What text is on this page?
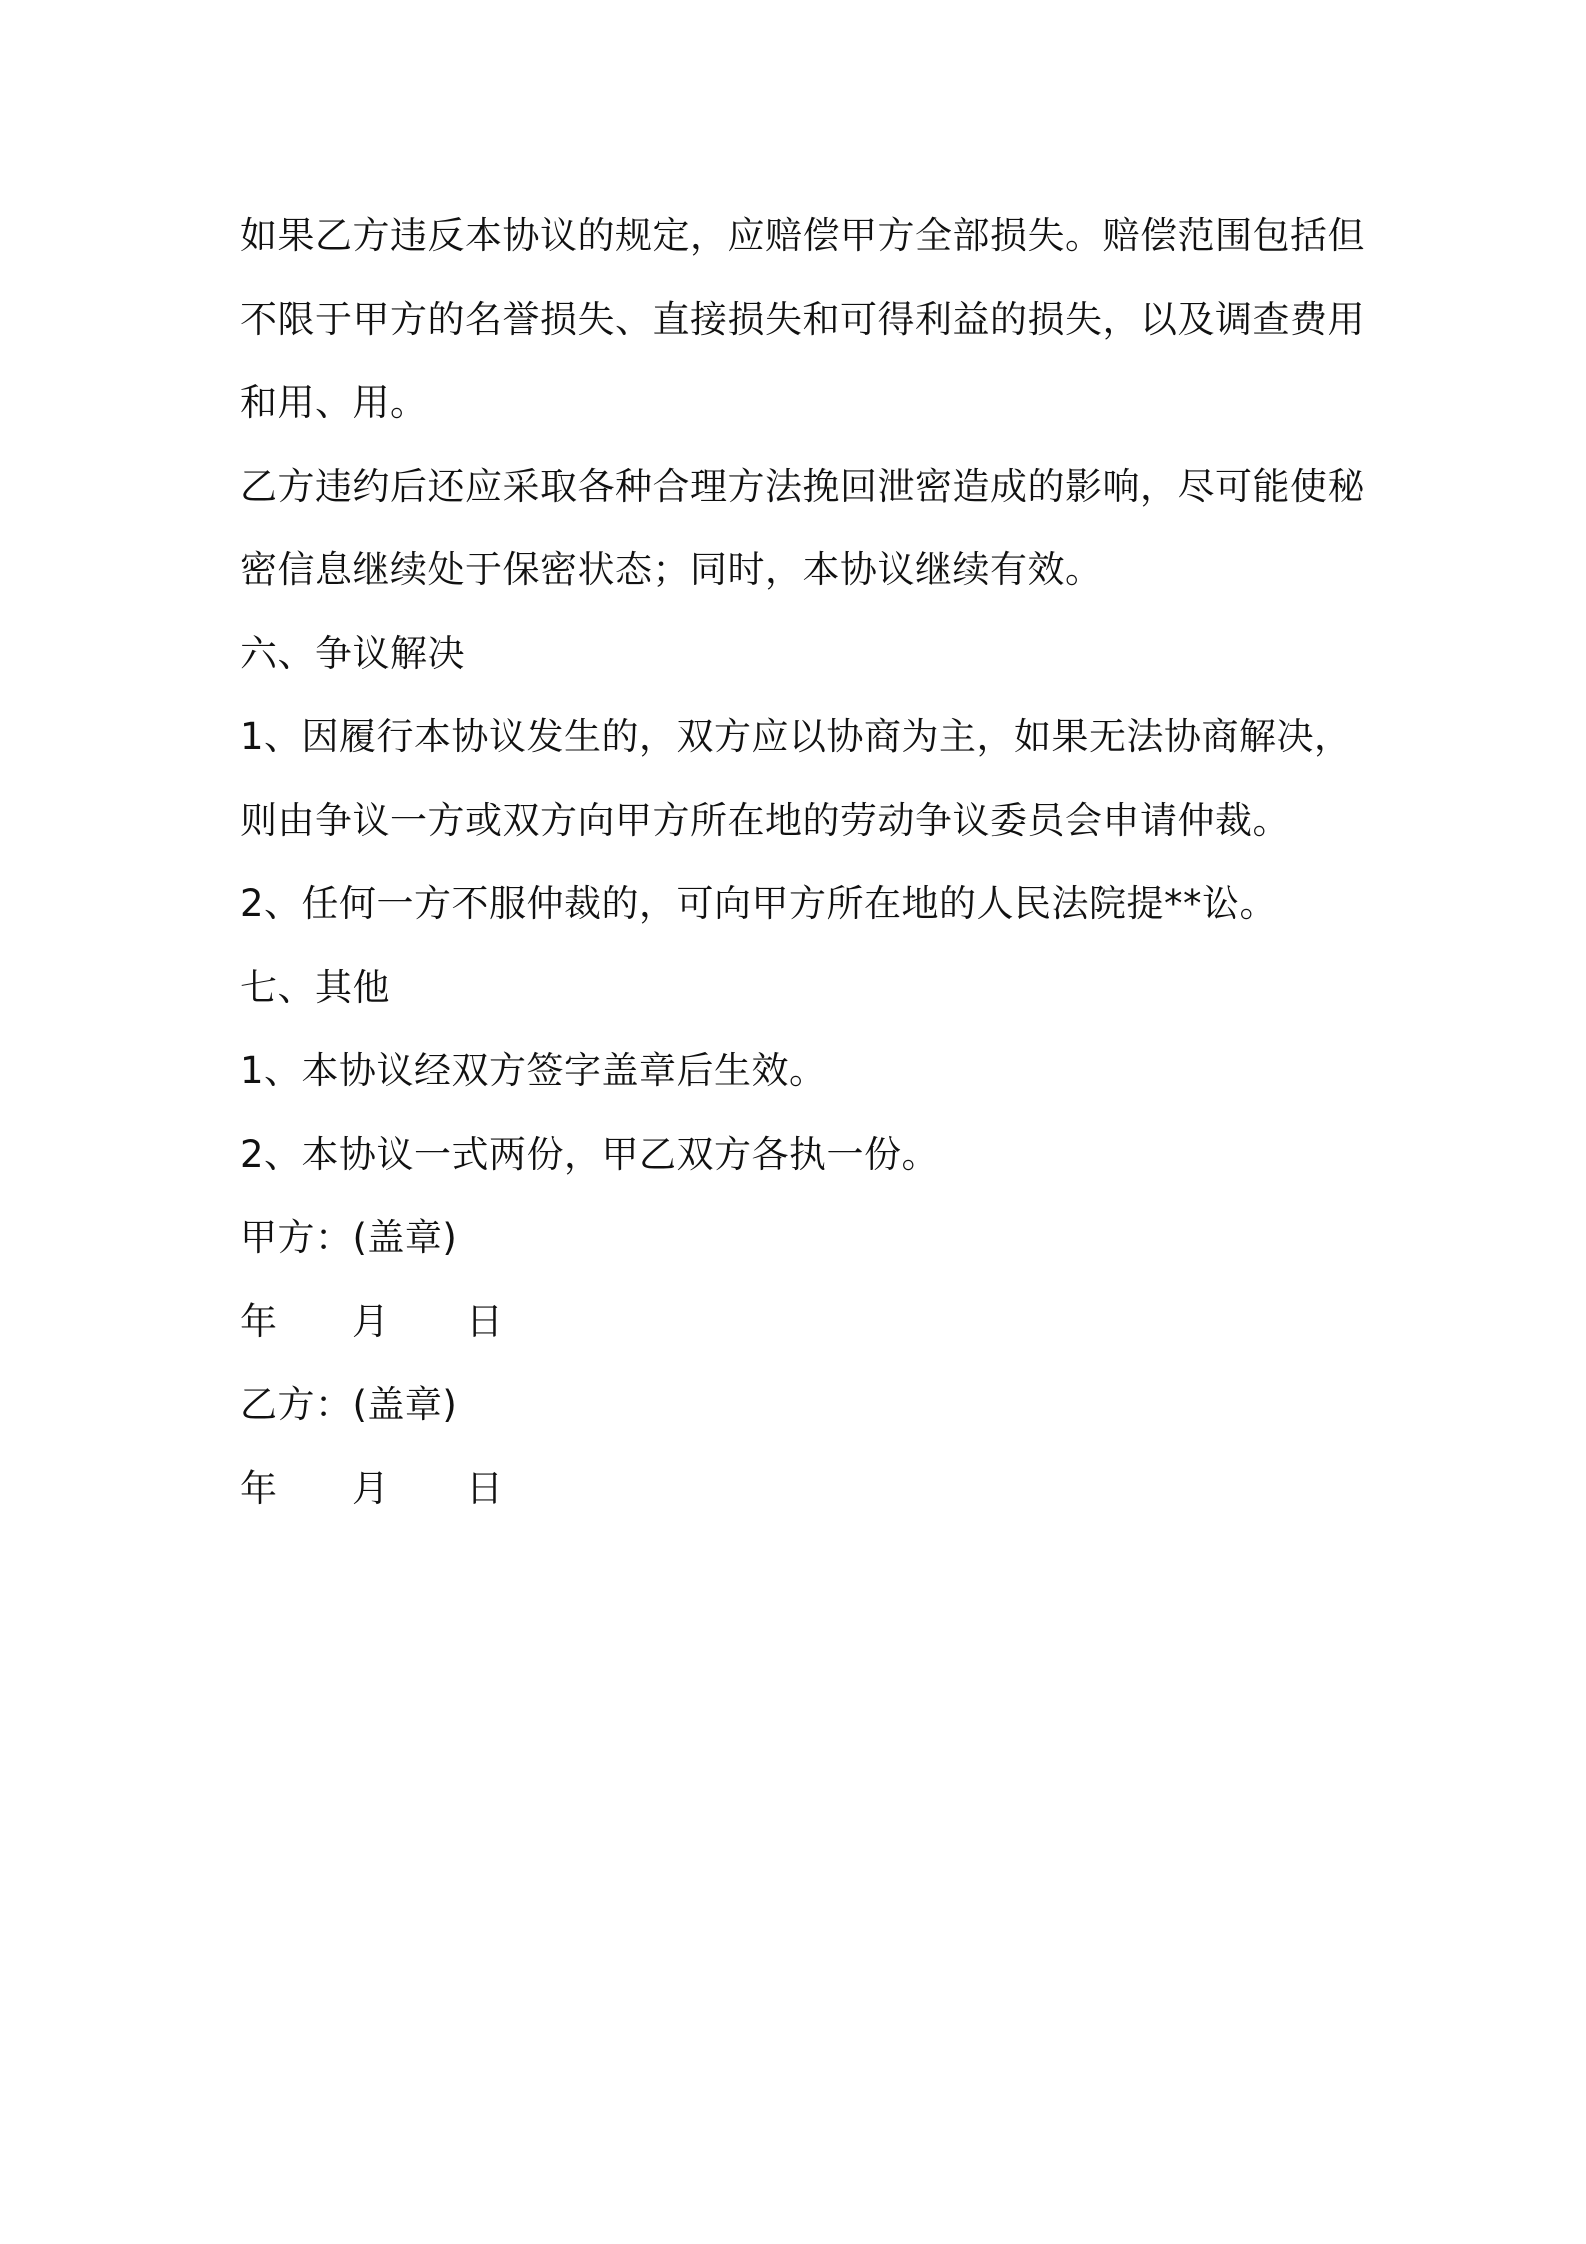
如果乙方违反本协议的规定，应赔偿甲方全部损失。赔偿范围包括但
不限于甲方的名誉损失、直接损失和可得利益的损失，以及调查费用
和用、用。
乙方违约后还应采取各种合理方法挽回泄密造成的影响，尽可能使秘
密信息继续处于保密状态；同时，本协议继续有效。
六、争议解决
1、因履行本协议发生的，双方应以协商为主，如果无法协商解决，
则由争议一方或双方向甲方所在地的劳动争议委员会申请仲裁。
2、任何一方不服仲裁的，可向甲方所在地的人民法院提**讼。
七、其他
1、本协议经双方签字盖章后生效。
2、本协议一式两份，甲乙双方各执一份。
甲方：(盖章)
年 月 日
乙方：(盖章)
年 月 日
